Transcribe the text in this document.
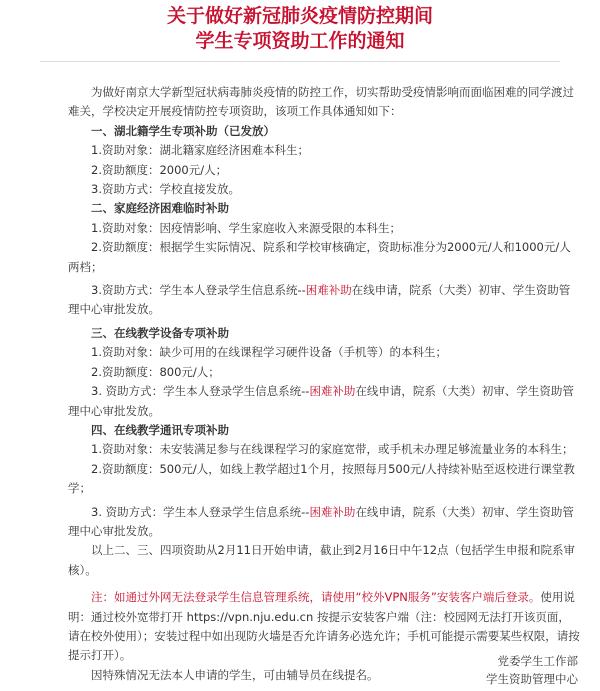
关于做好新冠肺炎疫情防控期间
学生专项资助工作的通知

为做好南京大学新型冠状病毒肺炎疫情的防控工作，切实帮助受疫情影响而面临困难的同学渡过难关，学校决定开展疫情防控专项资助，该项工作具体通知如下：

一、湖北籍学生专项补助（已发放）

1.资助对象：湖北籍家庭经济困难本科生；

2.资助额度：2000元/人；

3.资助方式：学校直接发放。

二、家庭经济困难临时补助

1.资助对象：因疫情影响、学生家庭收入来源受限的本科生；

2.资助额度：根据学生实际情况、院系和学校审核确定，资助标准分为2000元/人和1000元/人两档；

3.资助方式：学生本人登录学生信息系统--困难补助在线申请，院系（大类）初审、学生资助管理中心审批发放。

三、在线教学设备专项补助

1.资助对象：缺少可用的在线课程学习硬件设备（手机等）的本科生；

2.资助额度：800元/人；

3. 资助方式：学生本人登录学生信息系统--困难补助在线申请，院系（大类）初审、学生资助管理中心审批发放。

四、在线教学通讯专项补助

1.资助对象：未安装满足参与在线课程学习的家庭宽带，或手机未办理足够流量业务的本科生；

2.资助额度：500元/人，如线上教学超过1个月，按照每月500元/人持续补贴至返校进行课堂教学；

3. 资助方式：学生本人登录学生信息系统--困难补助在线申请，院系（大类）初审、学生资助管理中心审批发放。

以上二、三、四项资助从2月11日开始申请，截止到2月16日中午12点（包括学生申报和院系审核）。

注：如通过外网无法登录学生信息管理系统，请使用“校外VPN服务”安装客户端后登录。使用说明：通过校外宽带打开 https://vpn.nju.edu.cn 按提示安装客户端（注：校园网无法打开该页面，请在校外使用）；安装过程中如出现防火墙是否允许请务必选允许；手机可能提示需要某些权限，请按提示打开）。

因特殊情况无法本人申请的学生，可由辅导员在线提名。

党委学生工作部
学生资助管理中心
